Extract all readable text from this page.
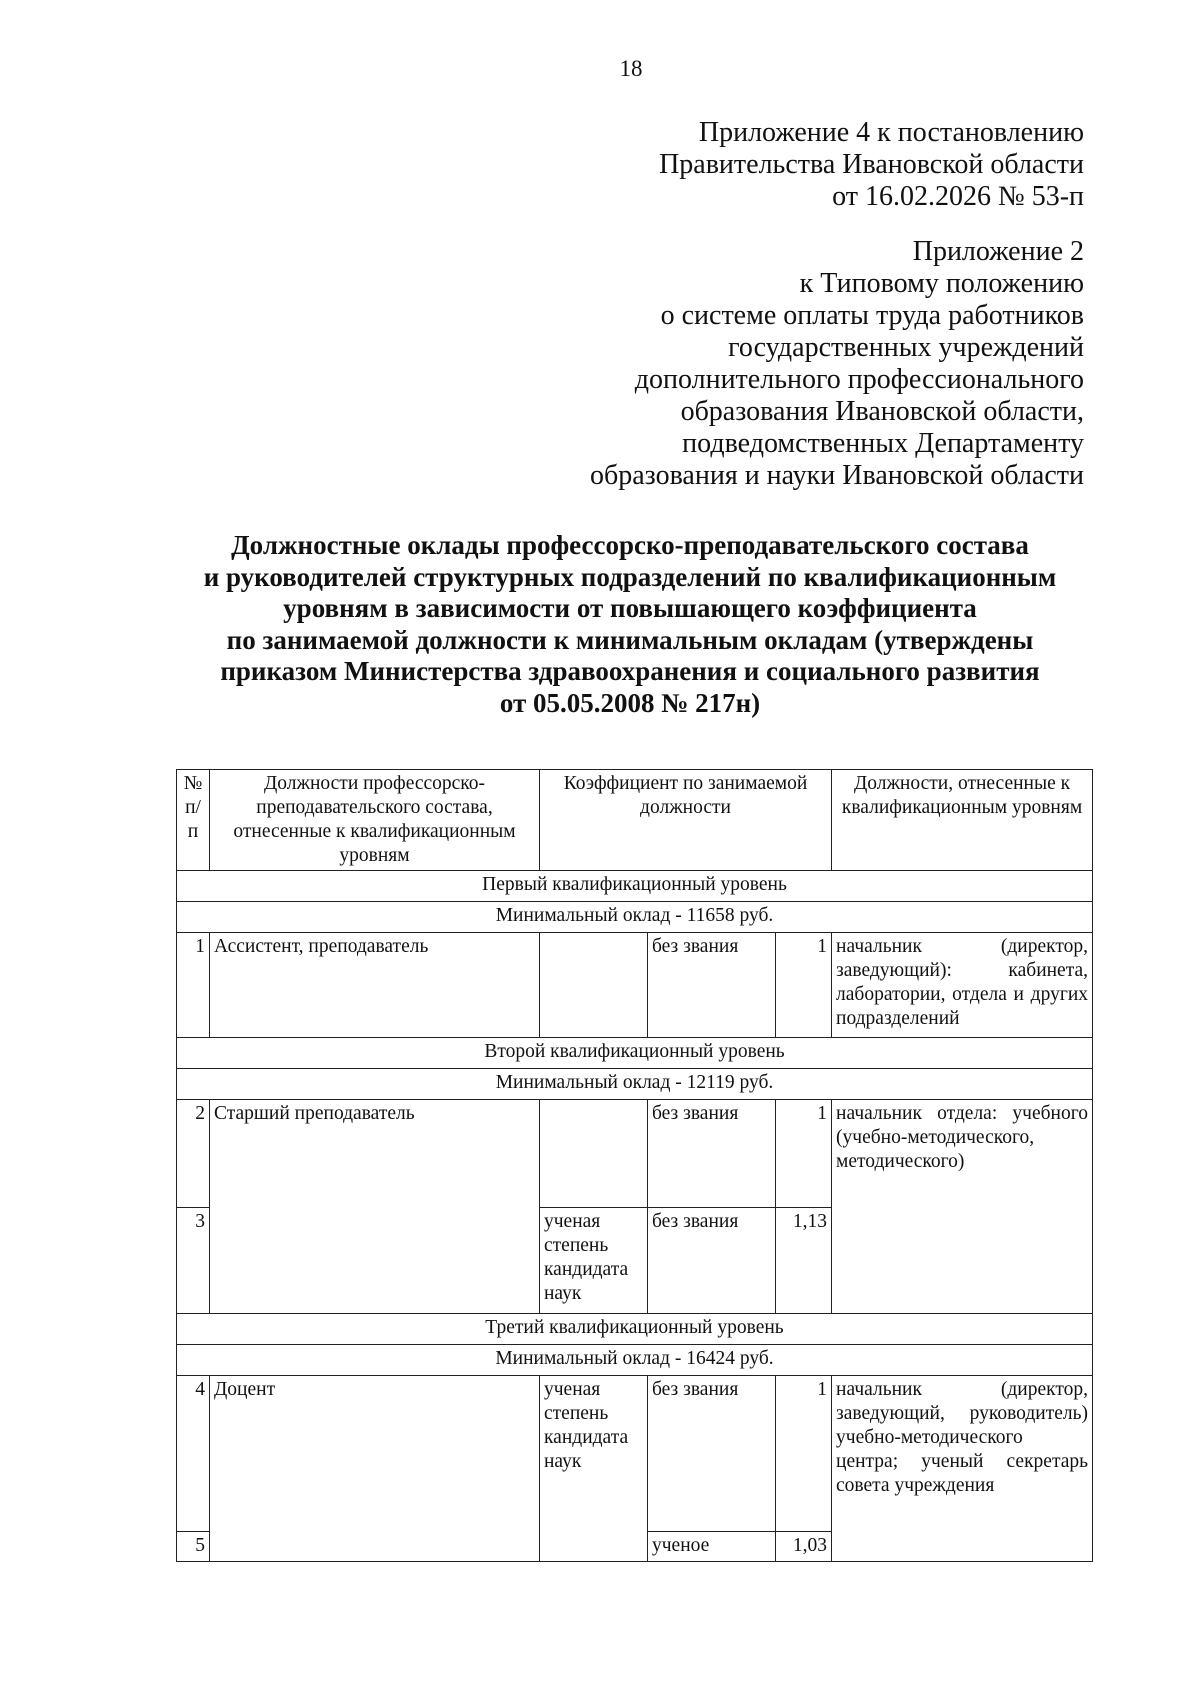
18
Приложение 4 к постановлению
Правительства Ивановской области
от 16.02.2026 № 53-п
Приложение 2
к Типовому положению
о системе оплаты труда работников
государственных учреждений
дополнительного профессионального
образования Ивановской области,
подведомственных Департаменту
образования и науки Ивановской области
Должностные оклады профессорско-преподавательского состава
и руководителей структурных подразделений по квалификационным
уровням в зависимости от повышающего коэффициента
по занимаемой должности к минимальным окладам (утверждены
приказом Министерства здравоохранения и социального развития
от 05.05.2008 № 217н)
№ п/п	Должности профессорско-преподавательского состава, отнесенные к квалификационным уровням	Коэффициент по занимаемой должности			Должности, отнесенные к квалификационным уровням
Первый квалификационный уровень					
Минимальный оклад - 11658 руб.					
1	Ассистент, преподаватель		без звания	1	начальник (директор, заведующий): кабинета, лаборатории, отдела и других подразделений
Второй квалификационный уровень					
Минимальный оклад - 12119 руб.					
2	Старший преподаватель		без звания	1	начальник отдела: учебного (учебно-методического, методического)
3		ученая степень кандидата наук	без звания	1,13	
Третий квалификационный уровень					
Минимальный оклад - 16424 руб.					
4	Доцент	ученая степень кандидата наук	без звания	1	начальник (директор, заведующий, руководитель) учебно-методического центра; ученый секретарь совета учреждения
5			ученое	1,03	
